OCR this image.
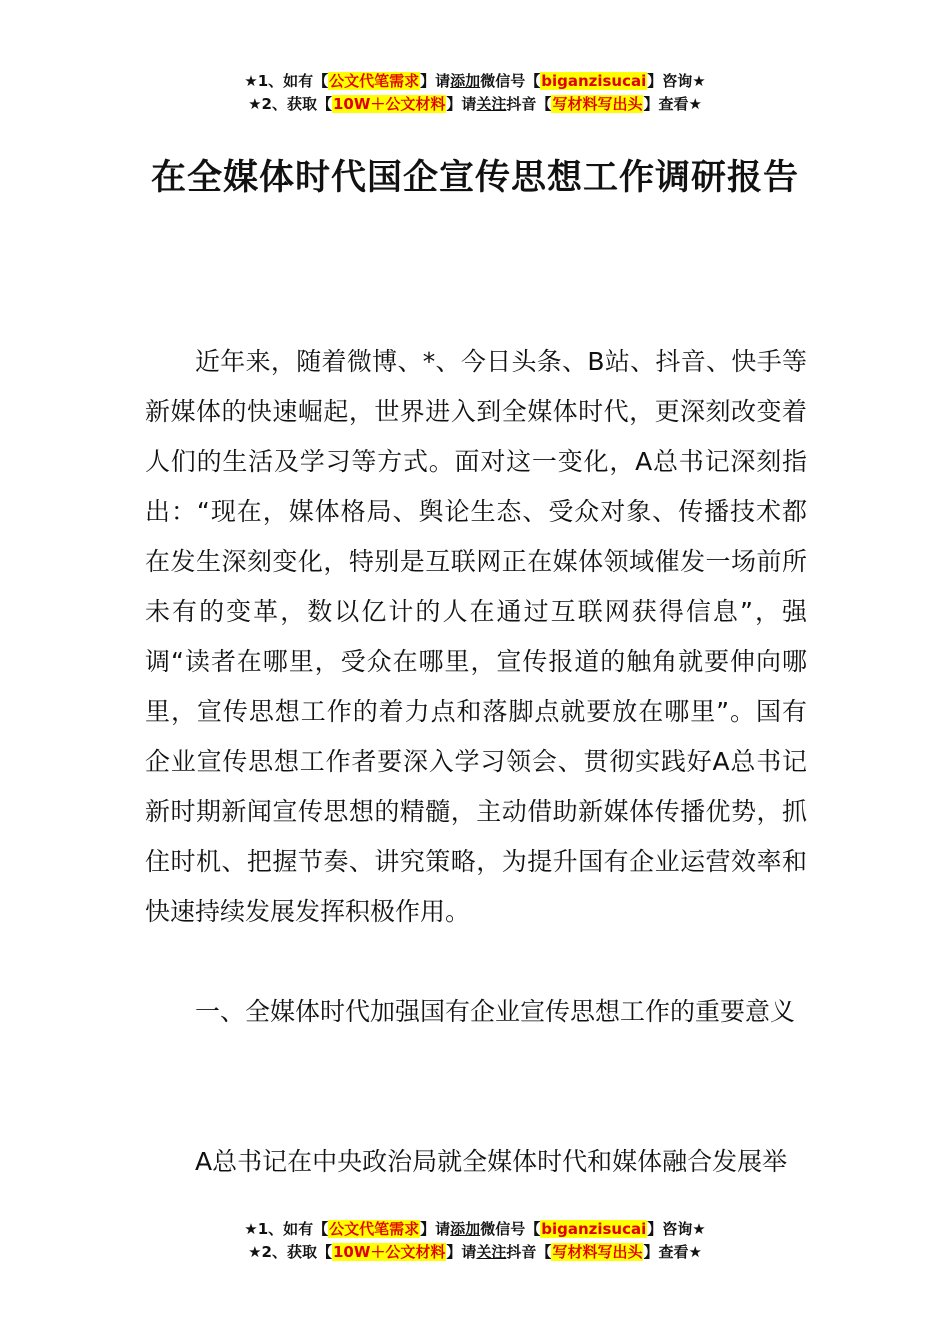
★1、如有【公文代笔需求】请添加微信号【biganzisucai】咨询★
★2、获取【10W＋公文材料】请关注抖音【写材料写出头】查看★
在全媒体时代国企宣传思想工作调研报告
近年来，随着微博、*、今日头条、B站、抖音、快手等新媒体的快速崛起，世界进入到全媒体时代，更深刻改变着人们的生活及学习等方式。面对这一变化，A总书记深刻指出：“现在，媒体格局、舆论生态、受众对象、传播技术都在发生深刻变化，特别是互联网正在媒体领域催发一场前所未有的变革，数以亿计的人在通过互联网获得信息”，强调“读者在哪里，受众在哪里，宣传报道的触角就要伸向哪里，宣传思想工作的着力点和落脚点就要放在哪里”。国有企业宣传思想工作者要深入学习领会、贯彻实践好A总书记新时期新闻宣传思想的精髓，主动借助新媒体传播优势，抓住时机、把握节奏、讲究策略，为提升国有企业运营效率和快速持续发展发挥积极作用。
一、全媒体时代加强国有企业宣传思想工作的重要意义
A总书记在中央政治局就全媒体时代和媒体融合发展举
★1、如有【公文代笔需求】请添加微信号【biganzisucai】咨询★
★2、获取【10W＋公文材料】请关注抖音【写材料写出头】查看★
